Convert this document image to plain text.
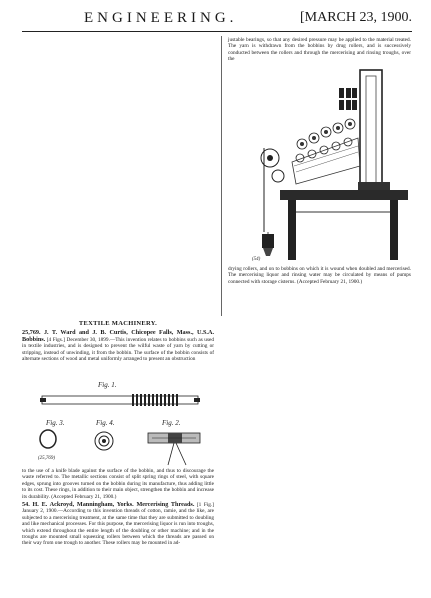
ENGINEERING.	[MARCH 23, 1900.

justable bearings, so that any desired pressure may be applied to the material treated. The yarn is withdrawn from the bobbins by drug rollers, and is successively conducted between the rollers and through the mercerising and rinsing troughs, over the

(54)

drying rollers, and on to bobbins on which it is wound when doubled and mercerised. The mercerising liquor and rinsing water may be circulated by means of pumps connected with storage cisterns. (Accepted February 21, 1900.)

TEXTILE MACHINERY.

25,769. J. T. Ward and J. B. Curtis, Chicopee Falls, Mass., U.S.A. Bobbins. [4 Figs.] December 30, 1899.—This invention relates to bobbins such as used in textile industries, and is designed to prevent the wilful waste of yarn by cutting or stripping, instead of unwinding, it from the bobbin. The surface of the bobbin consists of alternate sections of wood and metal uniformly arranged to present an obstruction

Fig. 1.
Fig. 3.
(25,769)
Fig. 4.	Fig. 2.

to the use of a knife blade against the surface of the bobbin, and thus to discourage the waste referred to. The metallic sections consist of split spring rings of steel, with square edges, sprung into grooves turned on the bobbin during its manufacture, thus adding little to its cost. These rings, in addition to their main object, strengthen the bobbin and increase its durability. (Accepted February 21, 1900.)

54. H. E. Ackroyd, Manningham, Yorks. Mercerising Threads. [1 Fig.] January 2, 1900.—According to this invention threads of cotton, ramie, and the like, are subjected to a mercerising treatment, at the same time that they are submitted to doubling and like mechanical processes. For this purpose, the mercerising liquor is run into troughs, which extend throughout the entire length of the doubling or other machine; and in the troughs are mounted small squeezing rollers between which the threads are passed on their way from one trough to another. These rollers may be mounted in ad-
